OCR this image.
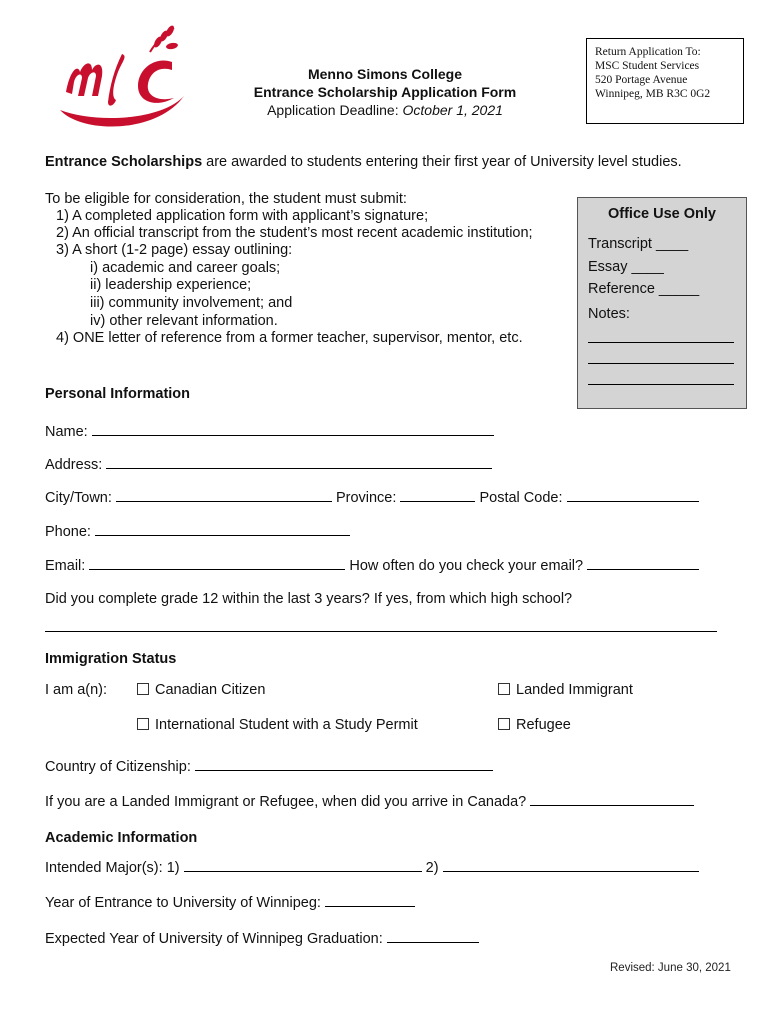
Menno Simons College
Entrance Scholarship Application Form
Application Deadline: October 1, 2021
Return Application To:
MSC Student Services
520 Portage Avenue
Winnipeg, MB R3C 0G2
Entrance Scholarships are awarded to students entering their first year of University level studies.
To be eligible for consideration, the student must submit:
1) A completed application form with applicant’s signature;
2) An official transcript from the student’s most recent academic institution;
3) A short (1-2 page) essay outlining:
i) academic and career goals;
ii) leadership experience;
iii) community involvement; and
iv) other relevant information.
4) ONE letter of reference from a former teacher, supervisor, mentor, etc.
Office Use Only
Transcript ____
Essay ____
Reference _____
Notes:
Personal Information
Name:
Address:
City/Town:	Province:	Postal Code:
Phone:
Email:	How often do you check your email?
Did you complete grade 12 within the last 3 years? If yes, from which high school?
Immigration Status
I am a(n):	Canadian Citizen	Landed Immigrant
International Student with a Study Permit	Refugee
Country of Citizenship:
If you are a Landed Immigrant or Refugee, when did you arrive in Canada?
Academic Information
Intended Major(s): 1)	2)
Year of Entrance to University of Winnipeg:
Expected Year of University of Winnipeg Graduation:
Revised: June 30, 2021
